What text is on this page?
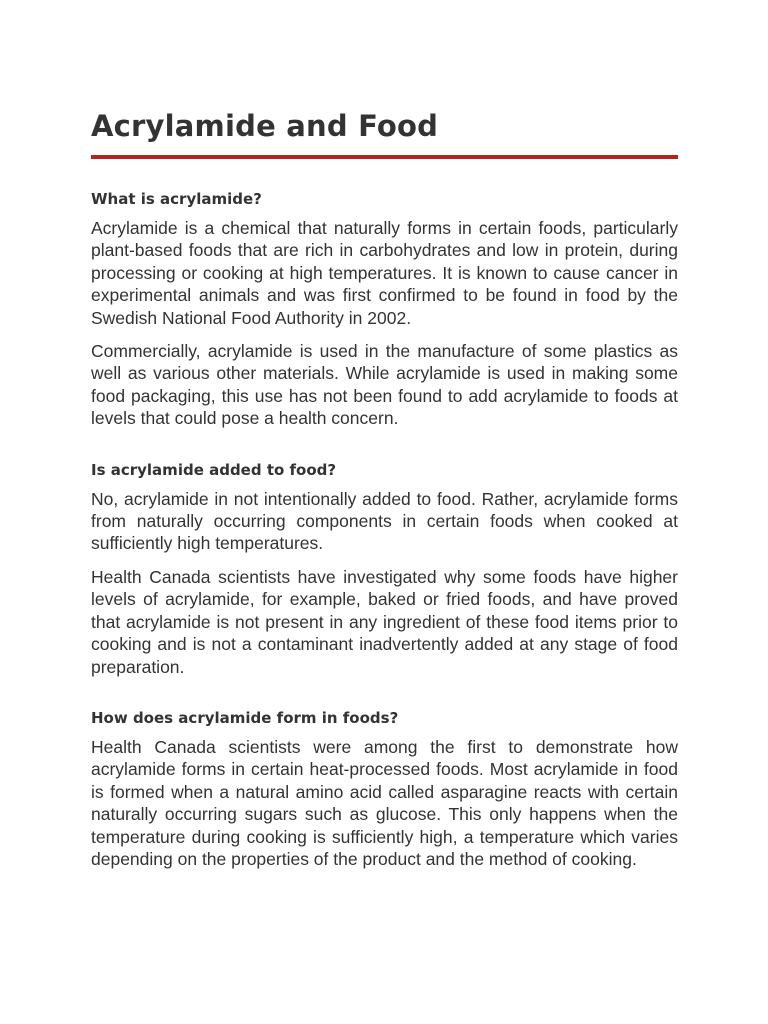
Acrylamide and Food
What is acrylamide?

Acrylamide is a chemical that naturally forms in certain foods, particularly plant-based foods that are rich in carbohydrates and low in protein, during processing or cooking at high temperatures. It is known to cause cancer in experimental animals and was first confirmed to be found in food by the Swedish National Food Authority in 2002.

Commercially, acrylamide is used in the manufacture of some plastics as well as various other materials. While acrylamide is used in making some food packaging, this use has not been found to add acrylamide to foods at levels that could pose a health concern.

Is acrylamide added to food?

No, acrylamide in not intentionally added to food. Rather, acrylamide forms from naturally occurring components in certain foods when cooked at sufficiently high temperatures.

Health Canada scientists have investigated why some foods have higher levels of acrylamide, for example, baked or fried foods, and have proved that acrylamide is not present in any ingredient of these food items prior to cooking and is not a contaminant inadvertently added at any stage of food preparation.

How does acrylamide form in foods?

Health Canada scientists were among the first to demonstrate how acrylamide forms in certain heat-processed foods. Most acrylamide in food is formed when a natural amino acid called asparagine reacts with certain naturally occurring sugars such as glucose. This only happens when the temperature during cooking is sufficiently high, a temperature which varies depending on the properties of the product and the method of cooking.
